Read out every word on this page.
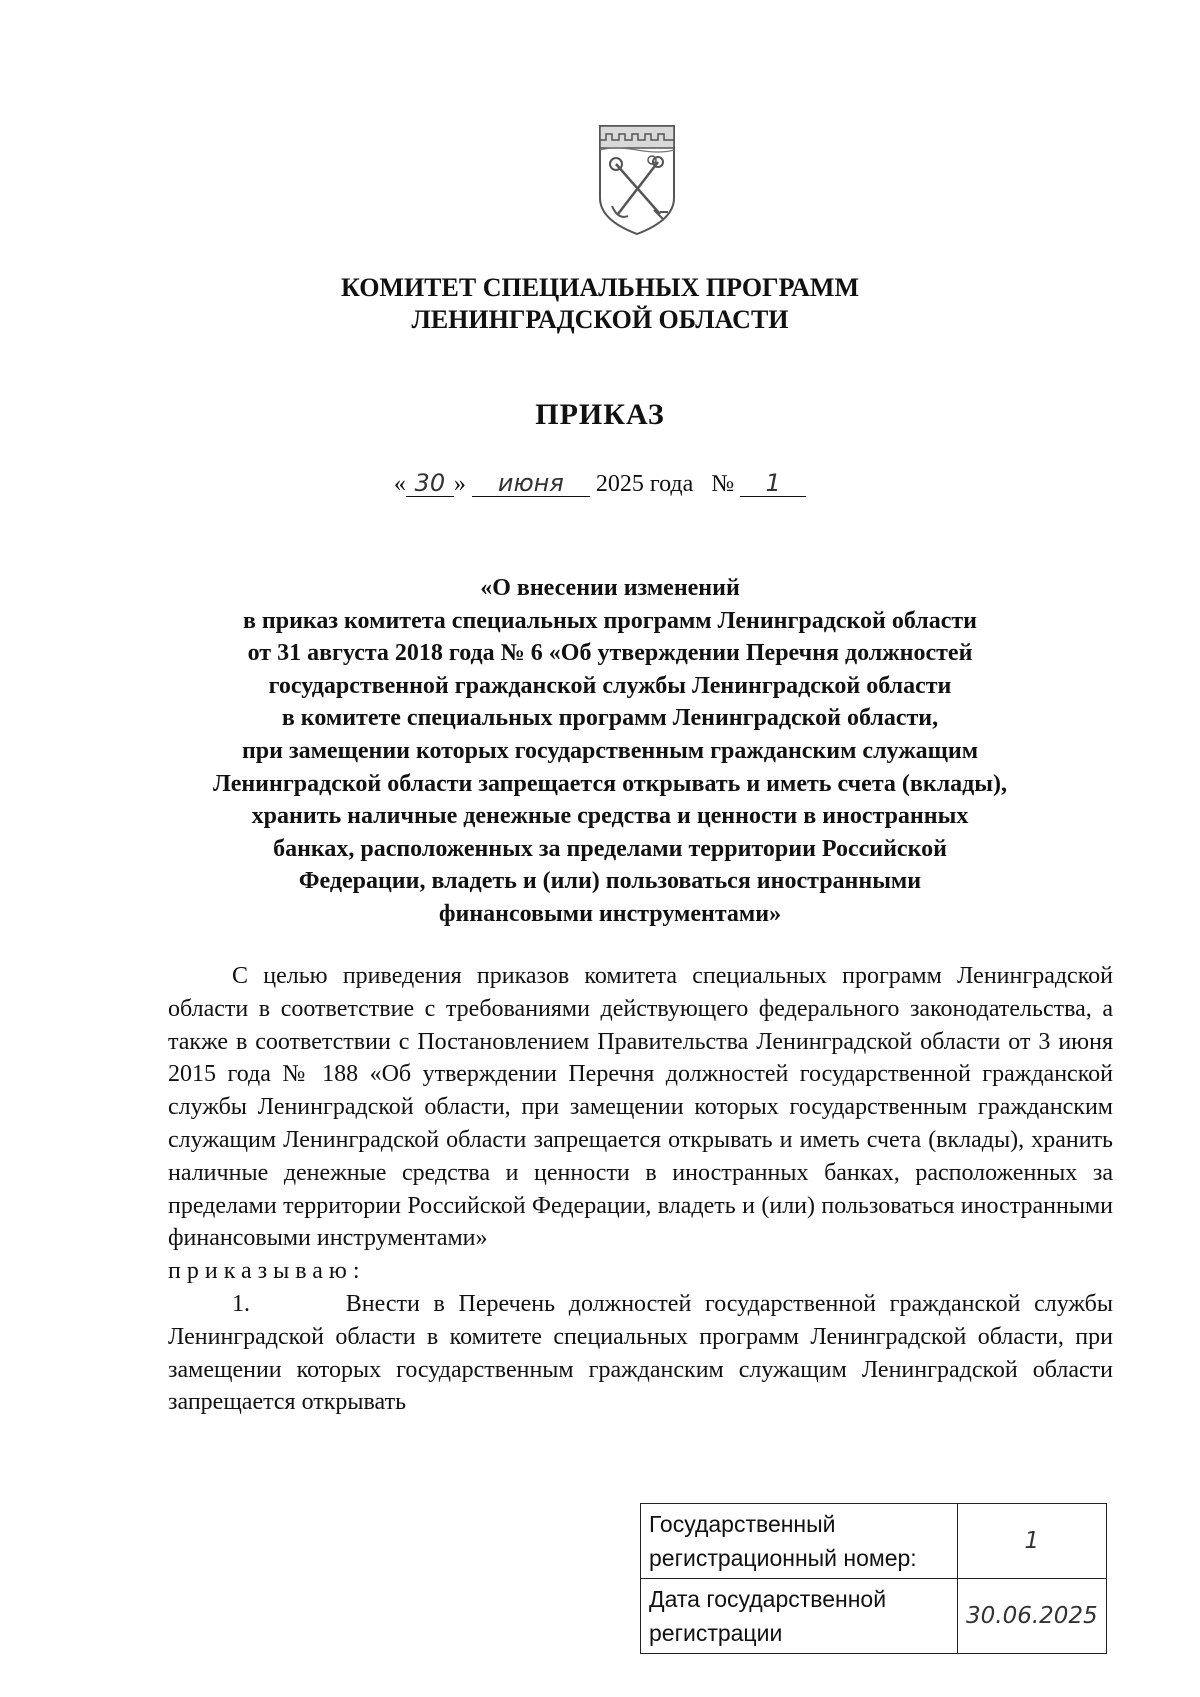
КОМИТЕТ СПЕЦИАЛЬНЫХ ПРОГРАММ
ЛЕНИНГРАДСКОЙ ОБЛАСТИ
ПРИКАЗ
« 30 » июня 2025 года № 1
«О внесении изменений
в приказ комитета специальных программ Ленинградской области
от 31 августа 2018 года № 6 «Об утверждении Перечня должностей
государственной гражданской службы Ленинградской области
в комитете специальных программ Ленинградской области,
при замещении которых государственным гражданским служащим
Ленинградской области запрещается открывать и иметь счета (вклады),
хранить наличные денежные средства и ценности в иностранных
банках, расположенных за пределами территории Российской
Федерации, владеть и (или) пользоваться иностранными
финансовыми инструментами»

С целью приведения приказов комитета специальных программ Ленинградской области в соответствие с требованиями действующего федерального законодательства, а также в соответствии с Постановлением Правительства Ленинградской области от 3 июня 2015 года № 188 «Об утверждении Перечня должностей государственной гражданской службы Ленинградской области, при замещении которых государственным гражданским служащим Ленинградской области запрещается открывать и иметь счета (вклады), хранить наличные денежные средства и ценности в иностранных банках, расположенных за пределами территории Российской Федерации, владеть и (или) пользоваться иностранными финансовыми инструментами»

приказываю:

1.	Внести в Перечень должностей государственной гражданской службы Ленинградской области в комитете специальных программ Ленинградской области, при замещении которых государственным гражданским служащим Ленинградской области запрещается открывать

Государственный регистрационный номер:	1
Дата государственной регистрации	30.06.2025
